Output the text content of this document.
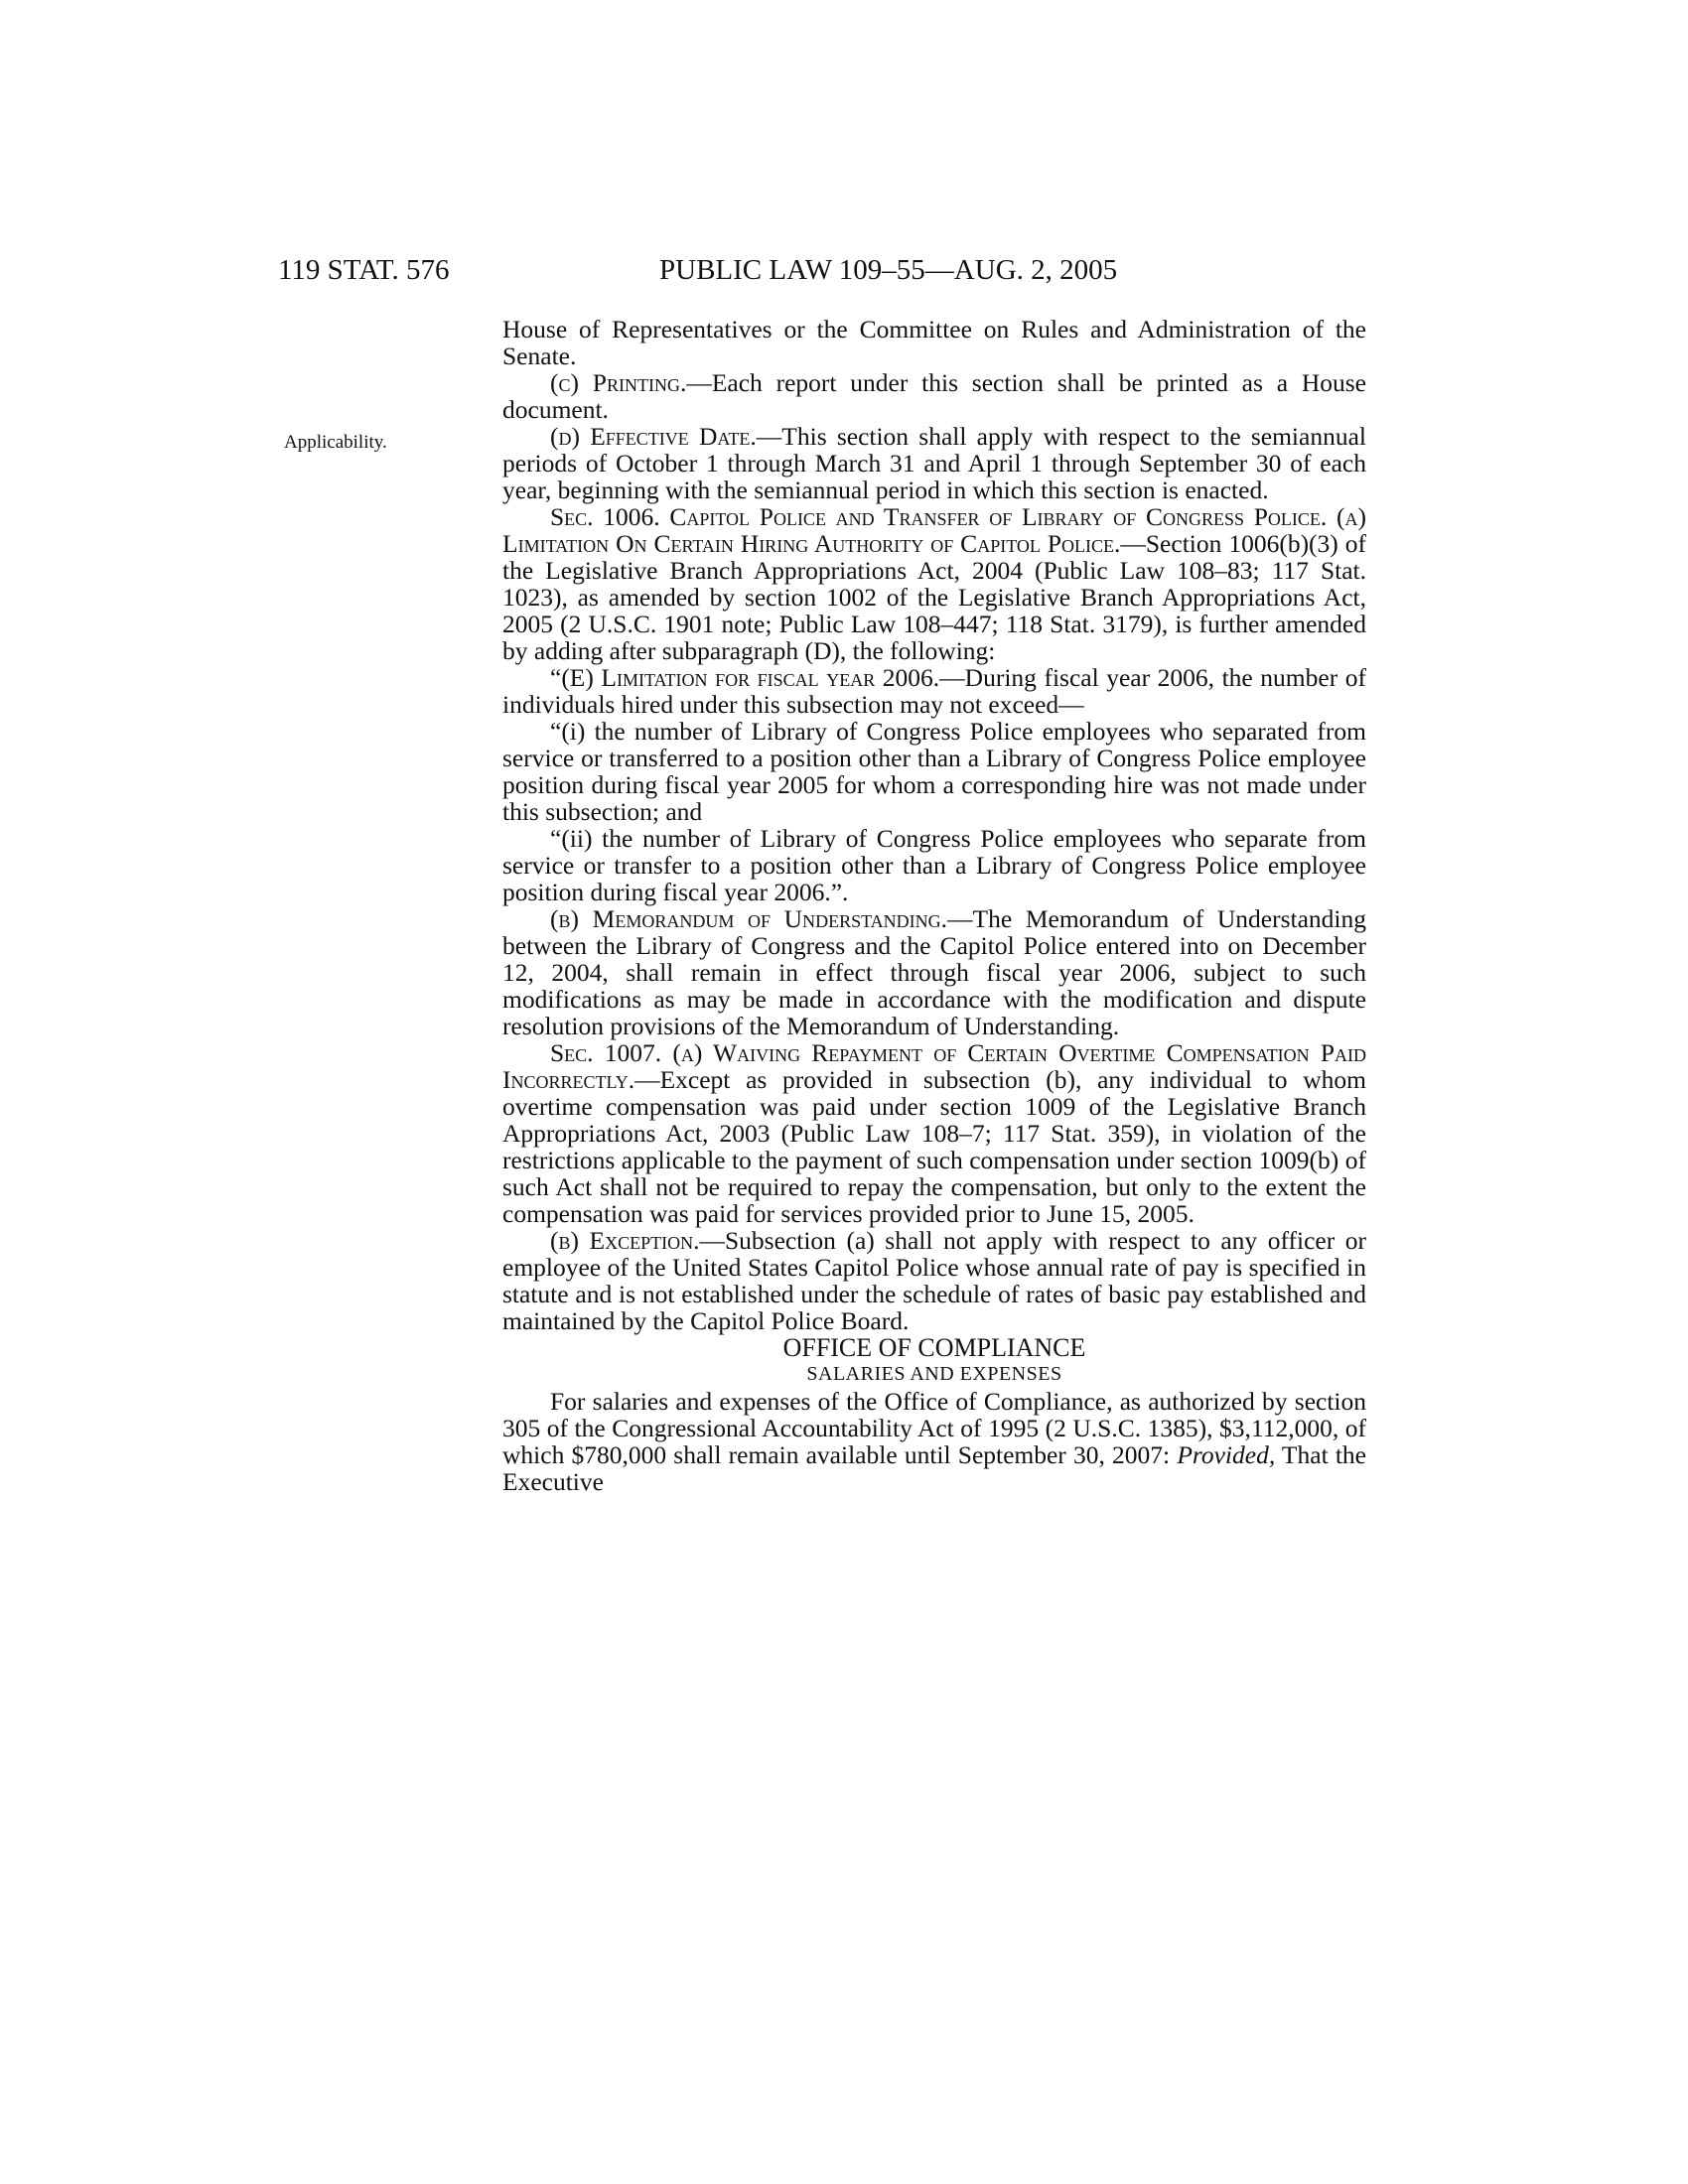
119 STAT. 576	PUBLIC LAW 109–55—AUG. 2, 2005
Applicability.

House of Representatives or the Committee on Rules and Administration of the Senate.

(c) Printing.—Each report under this section shall be printed as a House document.

(d) Effective Date.—This section shall apply with respect to the semiannual periods of October 1 through March 31 and April 1 through September 30 of each year, beginning with the semiannual period in which this section is enacted.

Sec. 1006. Capitol Police and Transfer of Library of Congress Police. (a) Limitation On Certain Hiring Authority of Capitol Police.—Section 1006(b)(3) of the Legislative Branch Appropriations Act, 2004 (Public Law 108–83; 117 Stat. 1023), as amended by section 1002 of the Legislative Branch Appropriations Act, 2005 (2 U.S.C. 1901 note; Public Law 108–447; 118 Stat. 3179), is further amended by adding after subparagraph (D), the following:

“(E) Limitation for fiscal year 2006.—During fiscal year 2006, the number of individuals hired under this subsection may not exceed—

“(i) the number of Library of Congress Police employees who separated from service or transferred to a position other than a Library of Congress Police employee position during fiscal year 2005 for whom a corresponding hire was not made under this subsection; and

“(ii) the number of Library of Congress Police employees who separate from service or transfer to a position other than a Library of Congress Police employee position during fiscal year 2006.”.

(b) Memorandum of Understanding.—The Memorandum of Understanding between the Library of Congress and the Capitol Police entered into on December 12, 2004, shall remain in effect through fiscal year 2006, subject to such modifications as may be made in accordance with the modification and dispute resolution provisions of the Memorandum of Understanding.

Sec. 1007. (a) Waiving Repayment of Certain Overtime Compensation Paid Incorrectly.—Except as provided in subsection (b), any individual to whom overtime compensation was paid under section 1009 of the Legislative Branch Appropriations Act, 2003 (Public Law 108–7; 117 Stat. 359), in violation of the restrictions applicable to the payment of such compensation under section 1009(b) of such Act shall not be required to repay the compensation, but only to the extent the compensation was paid for services provided prior to June 15, 2005.

(b) Exception.—Subsection (a) shall not apply with respect to any officer or employee of the United States Capitol Police whose annual rate of pay is specified in statute and is not established under the schedule of rates of basic pay established and maintained by the Capitol Police Board.

OFFICE OF COMPLIANCE

SALARIES AND EXPENSES

For salaries and expenses of the Office of Compliance, as authorized by section 305 of the Congressional Accountability Act of 1995 (2 U.S.C. 1385), $3,112,000, of which $780,000 shall remain available until September 30, 2007: Provided, That the Executive
